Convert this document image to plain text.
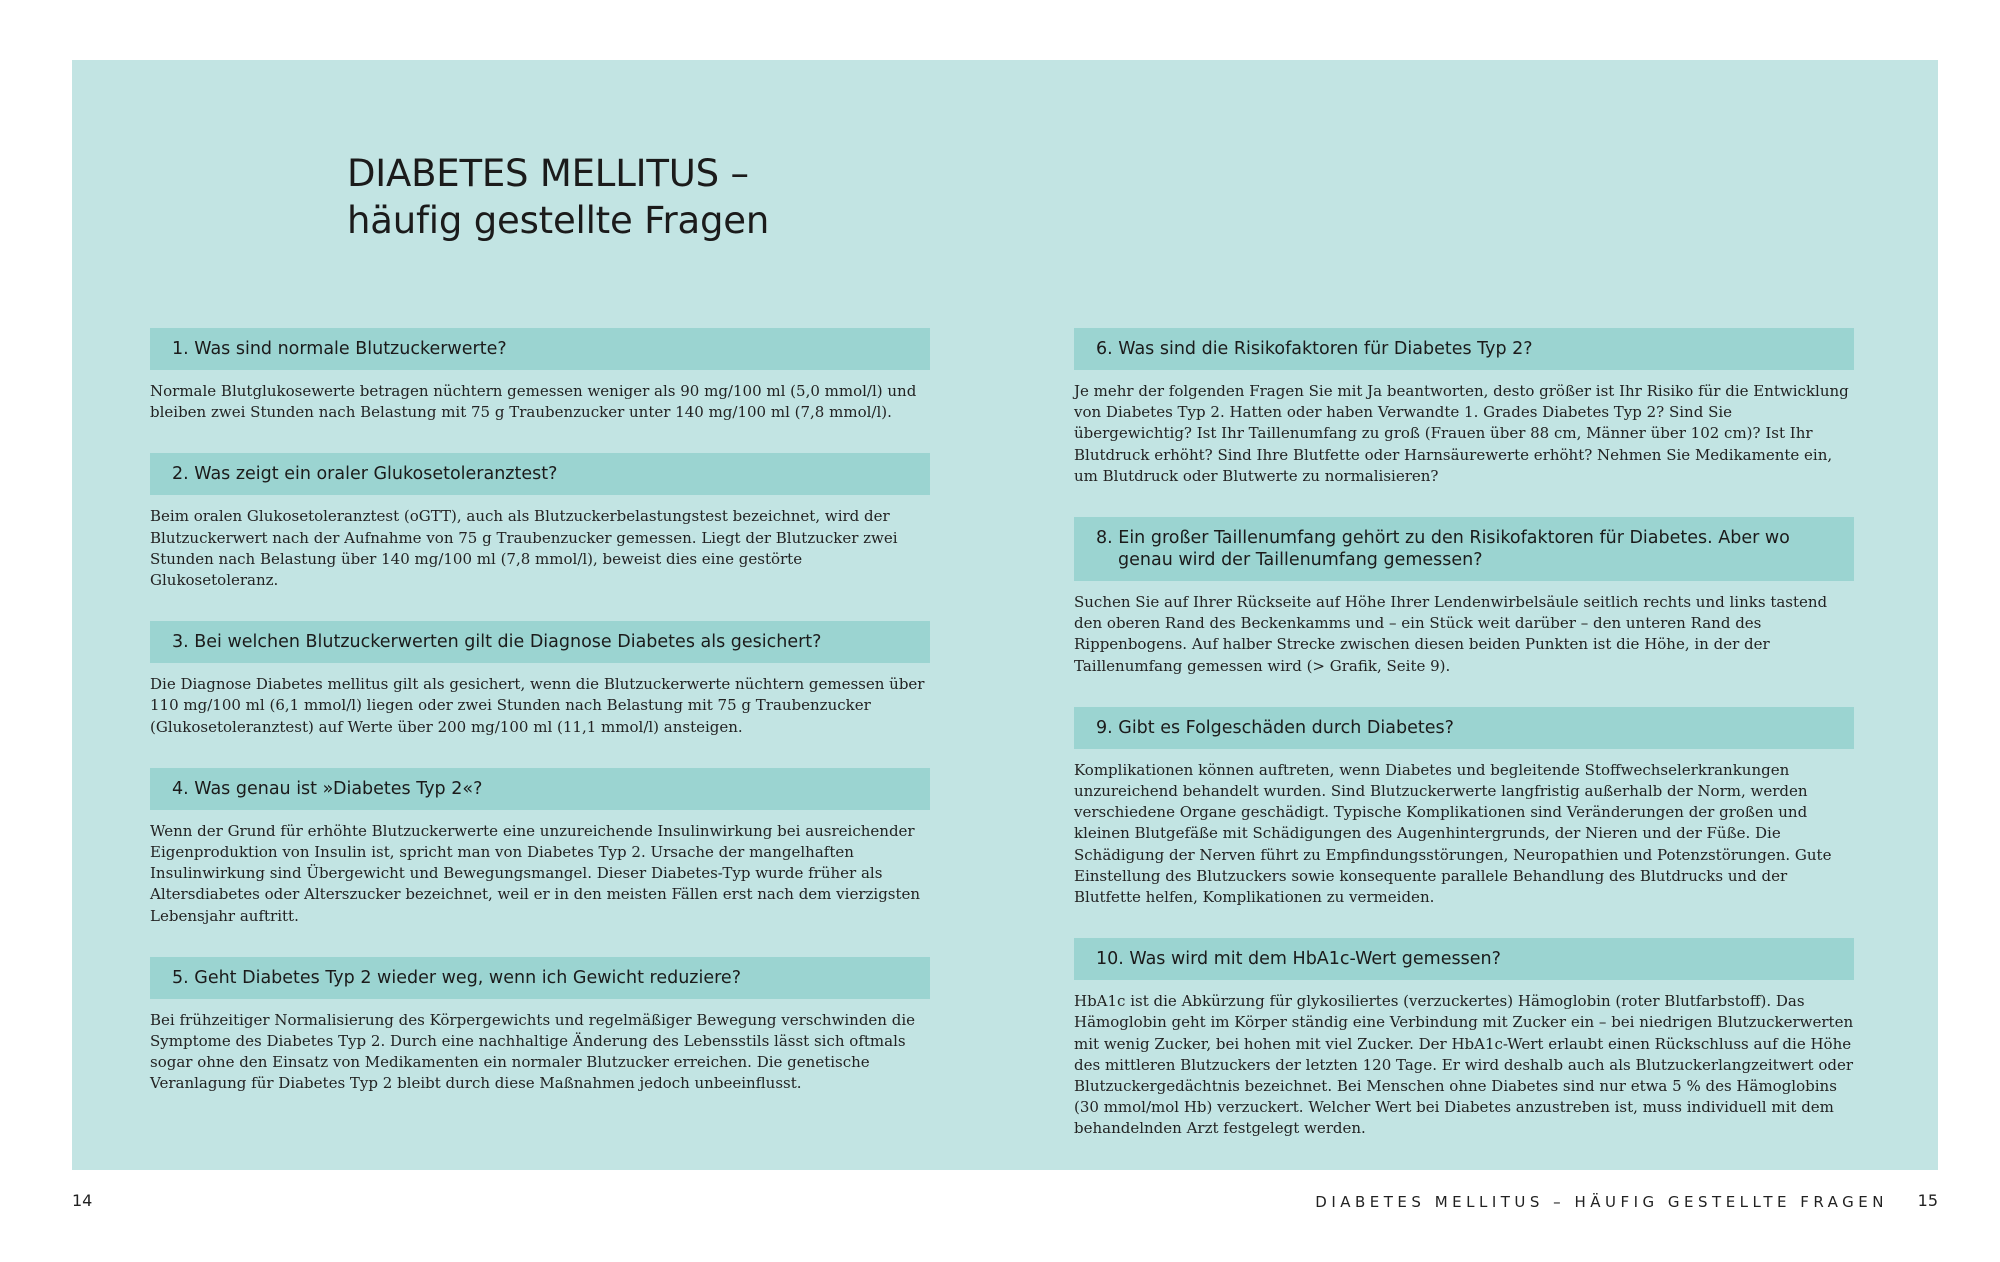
DIABETES MELLITUS –
häufig gestellte Fragen
1. Was sind normale Blutzuckerwerte?

Normale Blutglukosewerte betragen nüchtern gemessen weniger als 90 mg/100 ml (5,0 mmol/l) und bleiben zwei Stunden nach Belastung mit 75 g Traubenzucker unter 140 mg/100 ml (7,8 mmol/l).

2. Was zeigt ein oraler Glukosetoleranztest?

Beim oralen Glukosetoleranztest (oGTT), auch als Blutzuckerbelastungstest bezeichnet, wird der Blutzuckerwert nach der Aufnahme von 75 g Traubenzucker gemessen. Liegt der Blutzucker zwei Stunden nach Belastung über 140 mg/100 ml (7,8 mmol/l), beweist dies eine gestörte Glukosetoleranz.

3. Bei welchen Blutzuckerwerten gilt die Diagnose Diabetes als gesichert?

Die Diagnose Diabetes mellitus gilt als gesichert, wenn die Blutzuckerwerte nüchtern gemessen über 110 mg/100 ml (6,1 mmol/l) liegen oder zwei Stunden nach Belastung mit 75 g Traubenzucker (Glukosetoleranztest) auf Werte über 200 mg/100 ml (11,1 mmol/l) ansteigen.

4. Was genau ist »Diabetes Typ 2«?

Wenn der Grund für erhöhte Blutzuckerwerte eine unzureichende Insulinwirkung bei ausreichender Eigenproduktion von Insulin ist, spricht man von Diabetes Typ 2. Ursache der mangelhaften Insulinwirkung sind Übergewicht und Bewegungsmangel. Dieser Diabetes-Typ wurde früher als Altersdiabetes oder Alterszucker bezeichnet, weil er in den meisten Fällen erst nach dem vierzigsten Lebensjahr auftritt.

5. Geht Diabetes Typ 2 wieder weg, wenn ich Gewicht reduziere?

Bei frühzeitiger Normalisierung des Körpergewichts und regelmäßiger Bewegung verschwinden die Symptome des Diabetes Typ 2. Durch eine nachhaltige Änderung des Lebensstils lässt sich oftmals sogar ohne den Einsatz von Medikamenten ein normaler Blutzucker erreichen. Die genetische Veranlagung für Diabetes Typ 2 bleibt durch diese Maßnahmen jedoch unbeeinflusst.

6. Was sind die Risikofaktoren für Diabetes Typ 2?

Je mehr der folgenden Fragen Sie mit Ja beantworten, desto größer ist Ihr Risiko für die Entwicklung von Diabetes Typ 2. Hatten oder haben Verwandte 1. Grades Diabetes Typ 2? Sind Sie übergewichtig? Ist Ihr Taillenumfang zu groß (Frauen über 88 cm, Männer über 102 cm)? Ist Ihr Blutdruck erhöht? Sind Ihre Blutfette oder Harnsäurewerte erhöht? Nehmen Sie Medikamente ein, um Blutdruck oder Blutwerte zu normalisieren?

8. Ein großer Taillenumfang gehört zu den Risikofaktoren für Diabetes. Aber wo genau wird der Taillenumfang gemessen?

Suchen Sie auf Ihrer Rückseite auf Höhe Ihrer Lendenwirbelsäule seitlich rechts und links tastend den oberen Rand des Beckenkamms und – ein Stück weit darüber – den unteren Rand des Rippenbogens. Auf halber Strecke zwischen diesen beiden Punkten ist die Höhe, in der der Taillenumfang gemessen wird (> Grafik, Seite 9).

9. Gibt es Folgeschäden durch Diabetes?

Komplikationen können auftreten, wenn Diabetes und begleitende Stoffwechselerkrankungen unzureichend behandelt wurden. Sind Blutzuckerwerte langfristig außerhalb der Norm, werden verschiedene Organe geschädigt. Typische Komplikationen sind Veränderungen der großen und kleinen Blutgefäße mit Schädigungen des Augenhintergrunds, der Nieren und der Füße. Die Schädigung der Nerven führt zu Empfindungsstörungen, Neuropathien und Potenzstörungen. Gute Einstellung des Blutzuckers sowie konsequente parallele Behandlung des Blutdrucks und der Blutfette helfen, Komplikationen zu vermeiden.

10. Was wird mit dem HbA1c-Wert gemessen?

HbA1c ist die Abkürzung für glykosiliertes (verzuckertes) Hämoglobin (roter Blutfarbstoff). Das Hämoglobin geht im Körper ständig eine Verbindung mit Zucker ein – bei niedrigen Blutzuckerwerten mit wenig Zucker, bei hohen mit viel Zucker. Der HbA1c-Wert erlaubt einen Rückschluss auf die Höhe des mittleren Blutzuckers der letzten 120 Tage. Er wird deshalb auch als Blutzuckerlangzeitwert oder Blutzuckergedächtnis bezeichnet. Bei Menschen ohne Diabetes sind nur etwa 5 % des Hämoglobins (30 mmol/mol Hb) verzuckert. Welcher Wert bei Diabetes anzustreben ist, muss individuell mit dem behandelnden Arzt festgelegt werden.

14	DIABETES MELLITUS – HÄUFIG GESTELLTE FRAGEN 15
